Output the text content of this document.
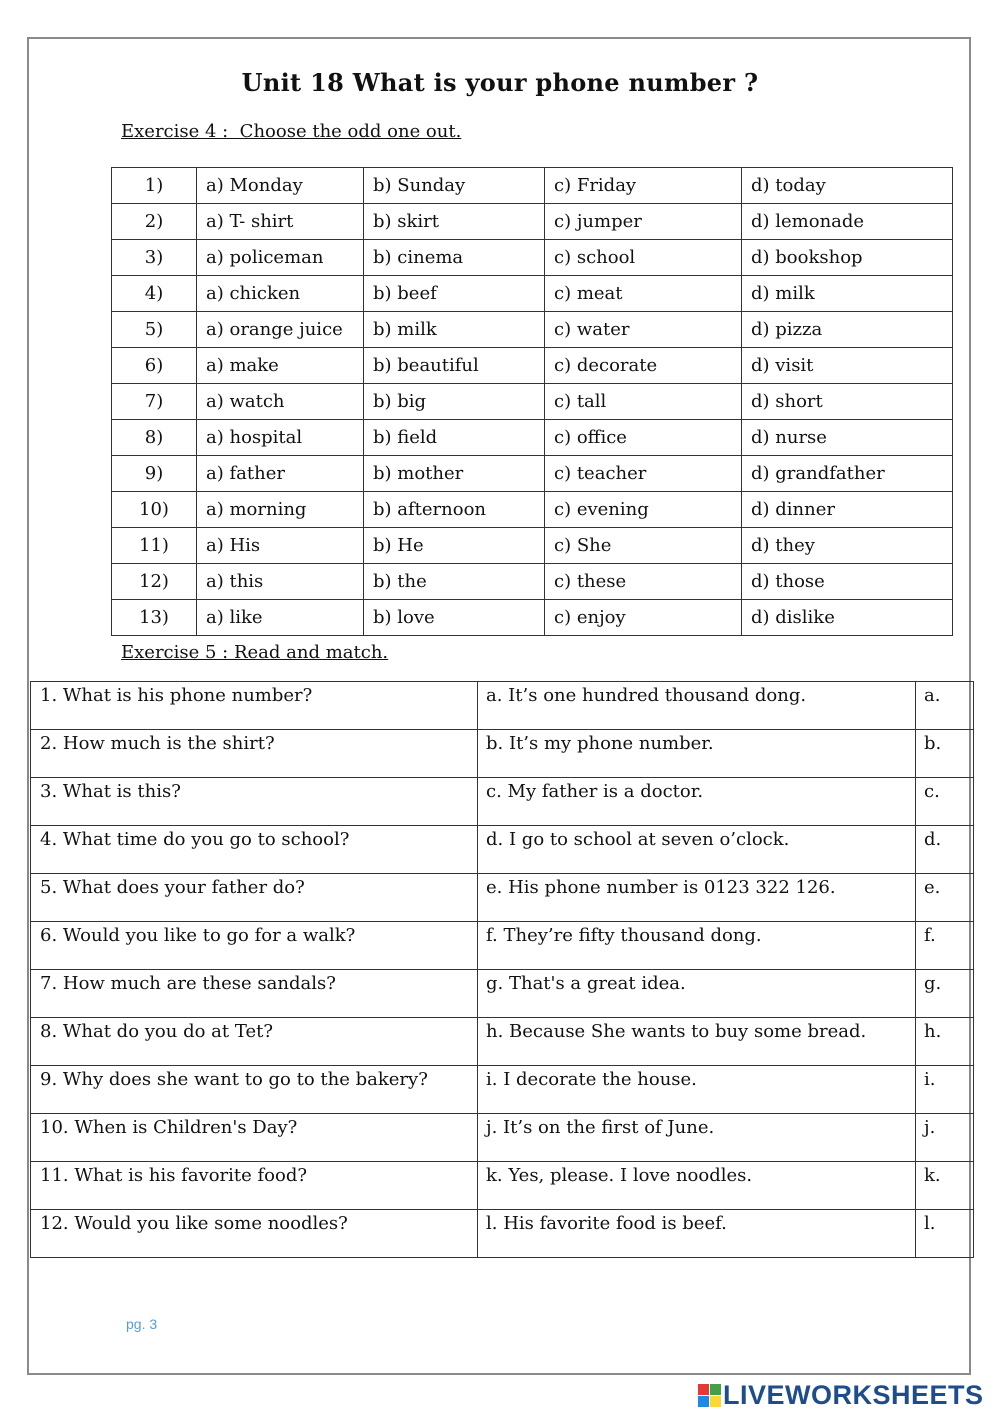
Unit 18 What is your phone number ?
Exercise 4 :  Choose the odd one out.
1)	a) Monday	b) Sunday	c) Friday	d) today
2)	a) T- shirt	b) skirt	c) jumper	d) lemonade
3)	a) policeman	b) cinema	c) school	d) bookshop
4)	a) chicken	b) beef	c) meat	d) milk
5)	a) orange juice	b) milk	c) water	d) pizza
6)	a) make	b) beautiful	c) decorate	d) visit
7)	a) watch	b) big	c) tall	d) short
8)	a) hospital	b) field	c) office	d) nurse
9)	a) father	b) mother	c) teacher	d) grandfather
10)	a) morning	b) afternoon	c) evening	d) dinner
11)	a) His	b) He	c) She	d) they
12)	a) this	b) the	c) these	d) those
13)	a) like	b) love	c) enjoy	d) dislike
Exercise 5 : Read and match.
1. What is his phone number?	a. It’s one hundred thousand dong.	a.
2. How much is the shirt?	b. It’s my phone number.	b.
3. What is this?	c. My father is a doctor.	c.
4. What time do you go to school?	d. I go to school at seven o’clock.	d.
5. What does your father do?	e. His phone number is 0123 322 126.	e.
6. Would you like to go for a walk?	f. They’re fifty thousand dong.	f.
7. How much are these sandals?	g. That's a great idea.	g.
8. What do you do at Tet?	h. Because She wants to buy some bread.	h.
9. Why does she want to go to the bakery?	i. I decorate the house.	i.
10. When is Children's Day?	j. It’s on the first of June.	j.
11. What is his favorite food?	k. Yes, please. I love noodles.	k.
12. Would you like some noodles?	l. His favorite food is beef.	l.
pg. 3
LIVEWORKSHEETS
